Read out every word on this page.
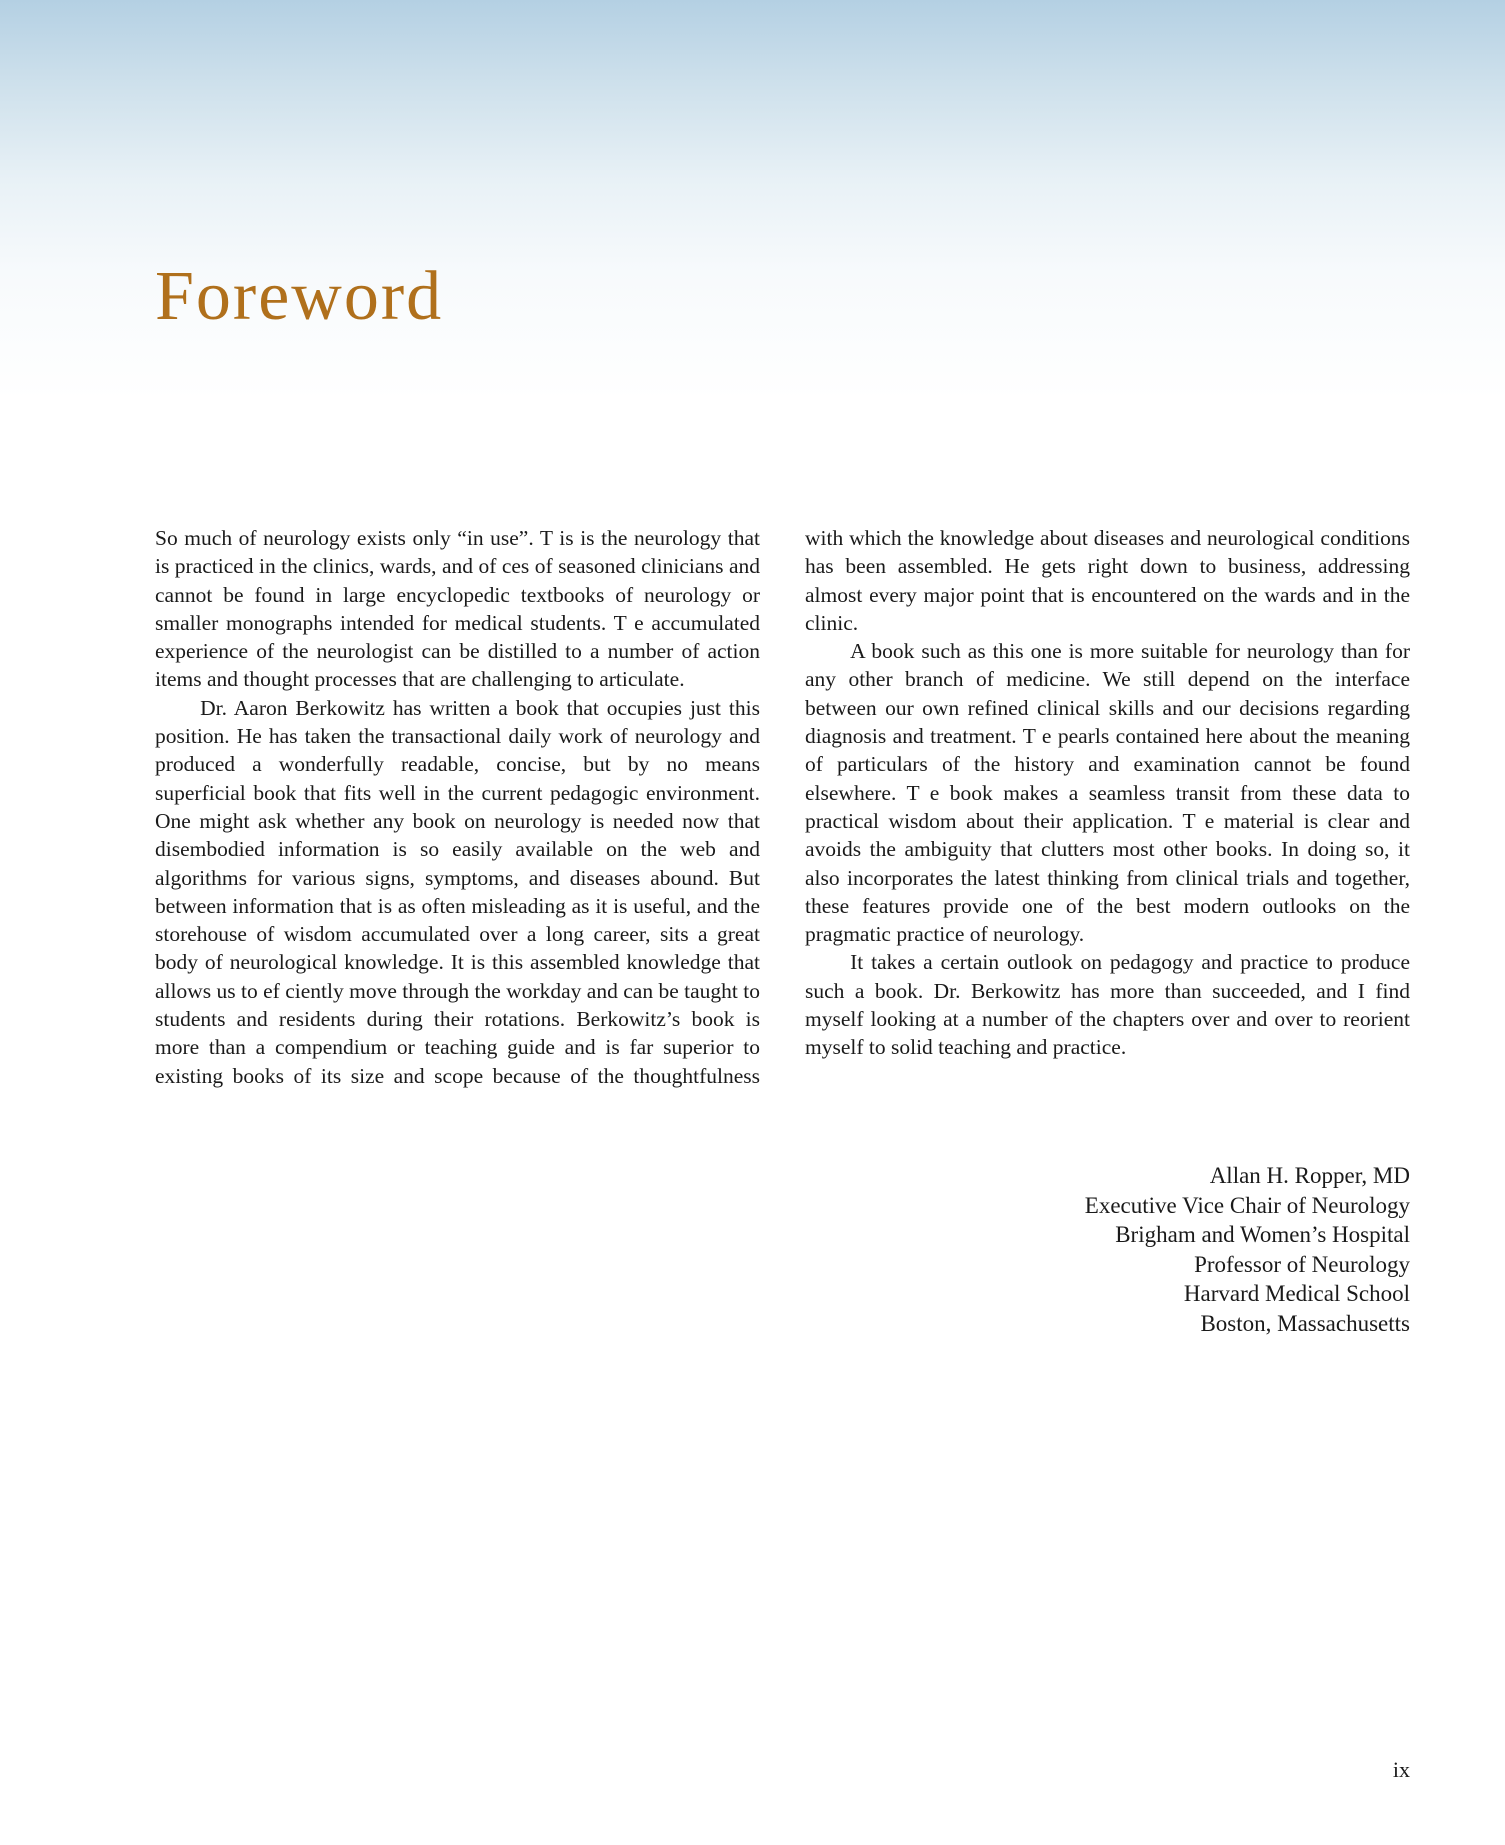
Foreword

So much of neurology exists only “in use”. T is is the neurology that is practiced in the clinics, wards, and of ces of seasoned clinicians and cannot be found in large encyclopedic textbooks of neurology or smaller monographs intended for medical students. T e accumulated experience of the neurologist can be distilled to a number of action items and thought processes that are challenging to articulate.

Dr. Aaron Berkowitz has written a book that occupies just this position. He has taken the transactional daily work of neurology and produced a wonderfully readable, concise, but by no means superficial book that fits well in the current pedagogic environment. One might ask whether any book on neurology is needed now that disembodied information is so easily available on the web and algorithms for various signs, symptoms, and diseases abound. But between information that is as often misleading as it is useful, and the storehouse of wisdom accumulated over a long career, sits a great body of neurological knowledge. It is this assembled knowledge that allows us to ef ciently move through the workday and can be taught to students and residents during their rotations. Berkowitz’s book is more than a compendium or teaching guide and is far superior to existing books of its size and scope because of the thoughtfulness with which the knowledge about diseases and neurological conditions has been assembled. He gets right down to business, addressing almost every major point that is encountered on the wards and in the clinic.

A book such as this one is more suitable for neurology than for any other branch of medicine. We still depend on the interface between our own refined clinical skills and our decisions regarding diagnosis and treatment. T e pearls contained here about the meaning of particulars of the history and examination cannot be found elsewhere. T e book makes a seamless transit from these data to practical wisdom about their application. T e material is clear and avoids the ambiguity that clutters most other books. In doing so, it also incorporates the latest thinking from clinical trials and together, these features provide one of the best modern outlooks on the pragmatic practice of neurology.

It takes a certain outlook on pedagogy and practice to produce such a book. Dr. Berkowitz has more than succeeded, and I find myself looking at a number of the chapters over and over to reorient myself to solid teaching and practice.

Allan H. Ropper, MD
Executive Vice Chair of Neurology
Brigham and Women’s Hospital
Professor of Neurology
Harvard Medical School
Boston, Massachusetts
ix
